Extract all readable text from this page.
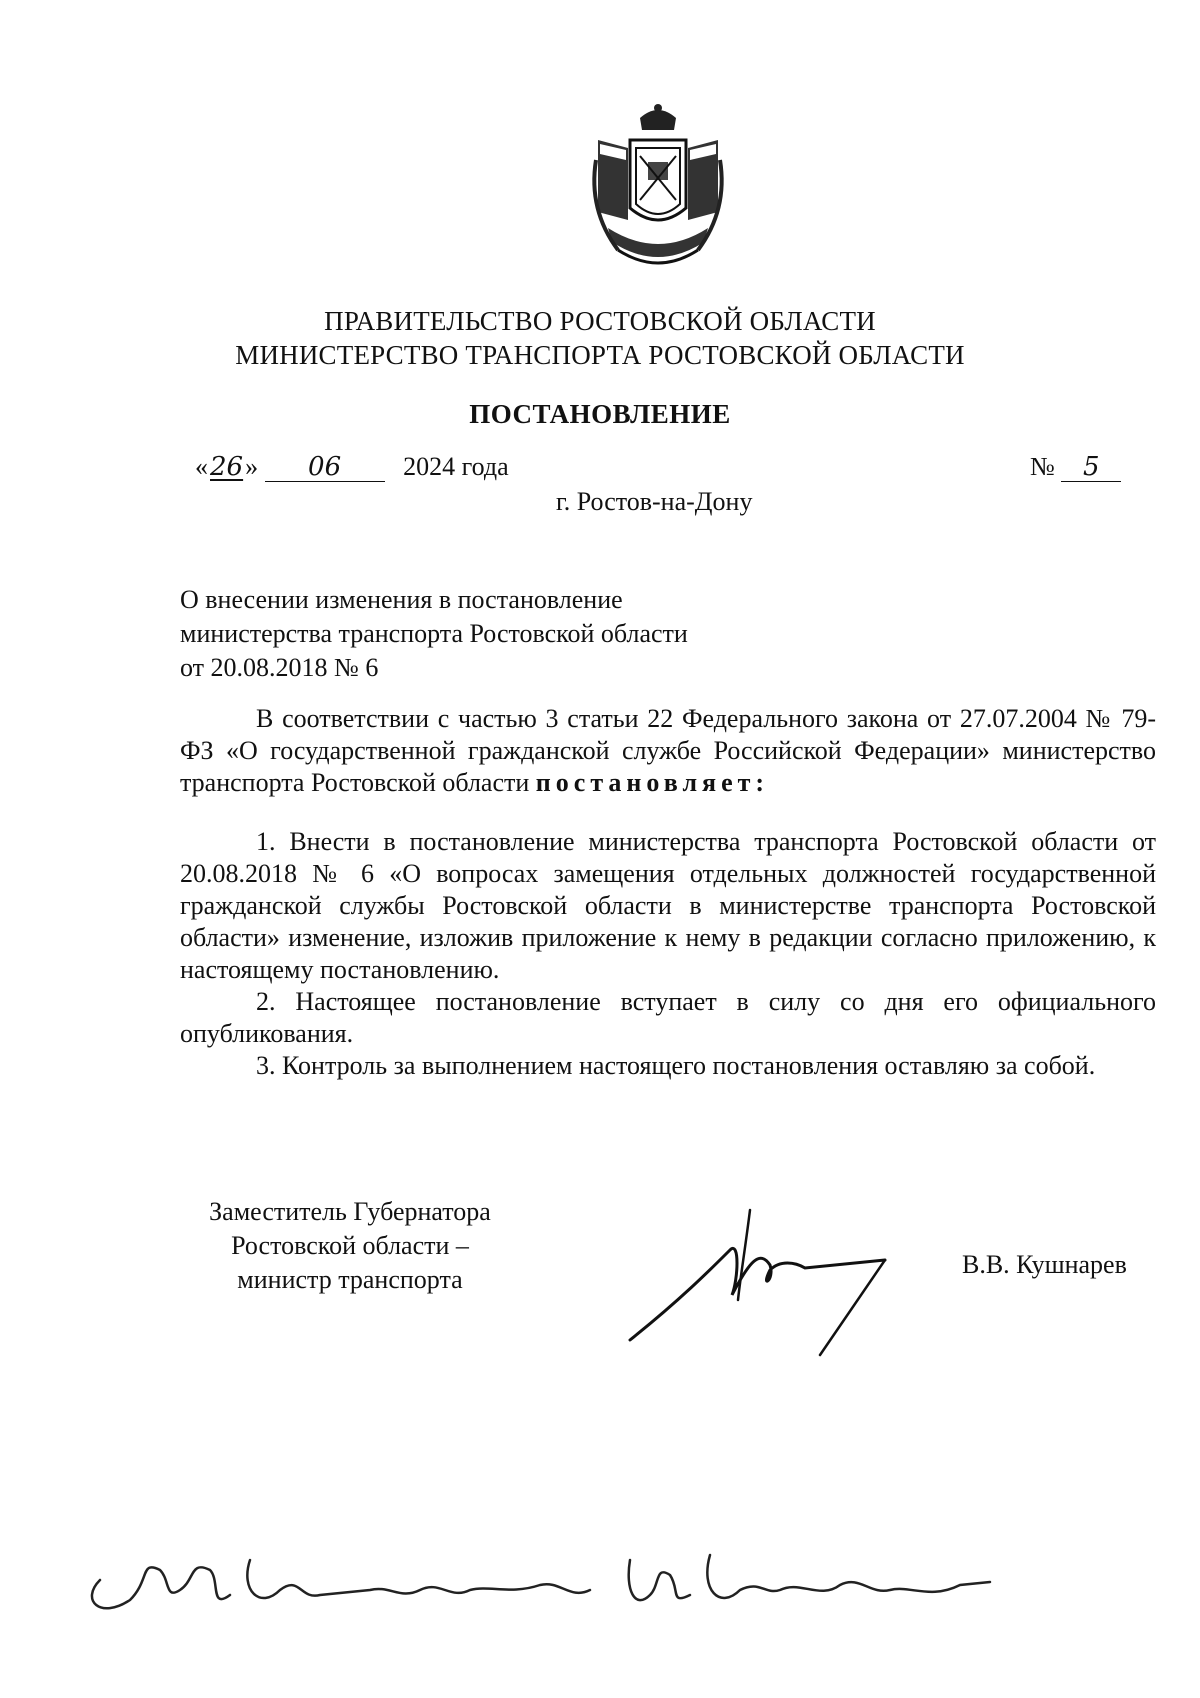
ПРАВИТЕЛЬСТВО РОСТОВСКОЙ ОБЛАСТИ
МИНИСТЕРСТВО ТРАНСПОРТА РОСТОВСКОЙ ОБЛАСТИ
ПОСТАНОВЛЕНИЕ
«26» 06 2024 года	№ 5
г. Ростов-на-Дону
О внесении изменения в постановление
министерства транспорта Ростовской области
от 20.08.2018 № 6

В соответствии с частью 3 статьи 22 Федерального закона от 27.07.2004 № 79-ФЗ «О государственной гражданской службе Российской Федерации» министерство транспорта Ростовской области постановляет:

1. Внести в постановление министерства транспорта Ростовской области от 20.08.2018 № 6 «О вопросах замещения отдельных должностей государственной гражданской службы Ростовской области в министерстве транспорта Ростовской области» изменение, изложив приложение к нему в редакции согласно приложению, к настоящему постановлению.

2. Настоящее постановление вступает в силу со дня его официального опубликования.

3. Контроль за выполнением настоящего постановления оставляю за собой.

Заместитель Губернатора
Ростовской области –
министр транспорта
В.В. Кушнарев
